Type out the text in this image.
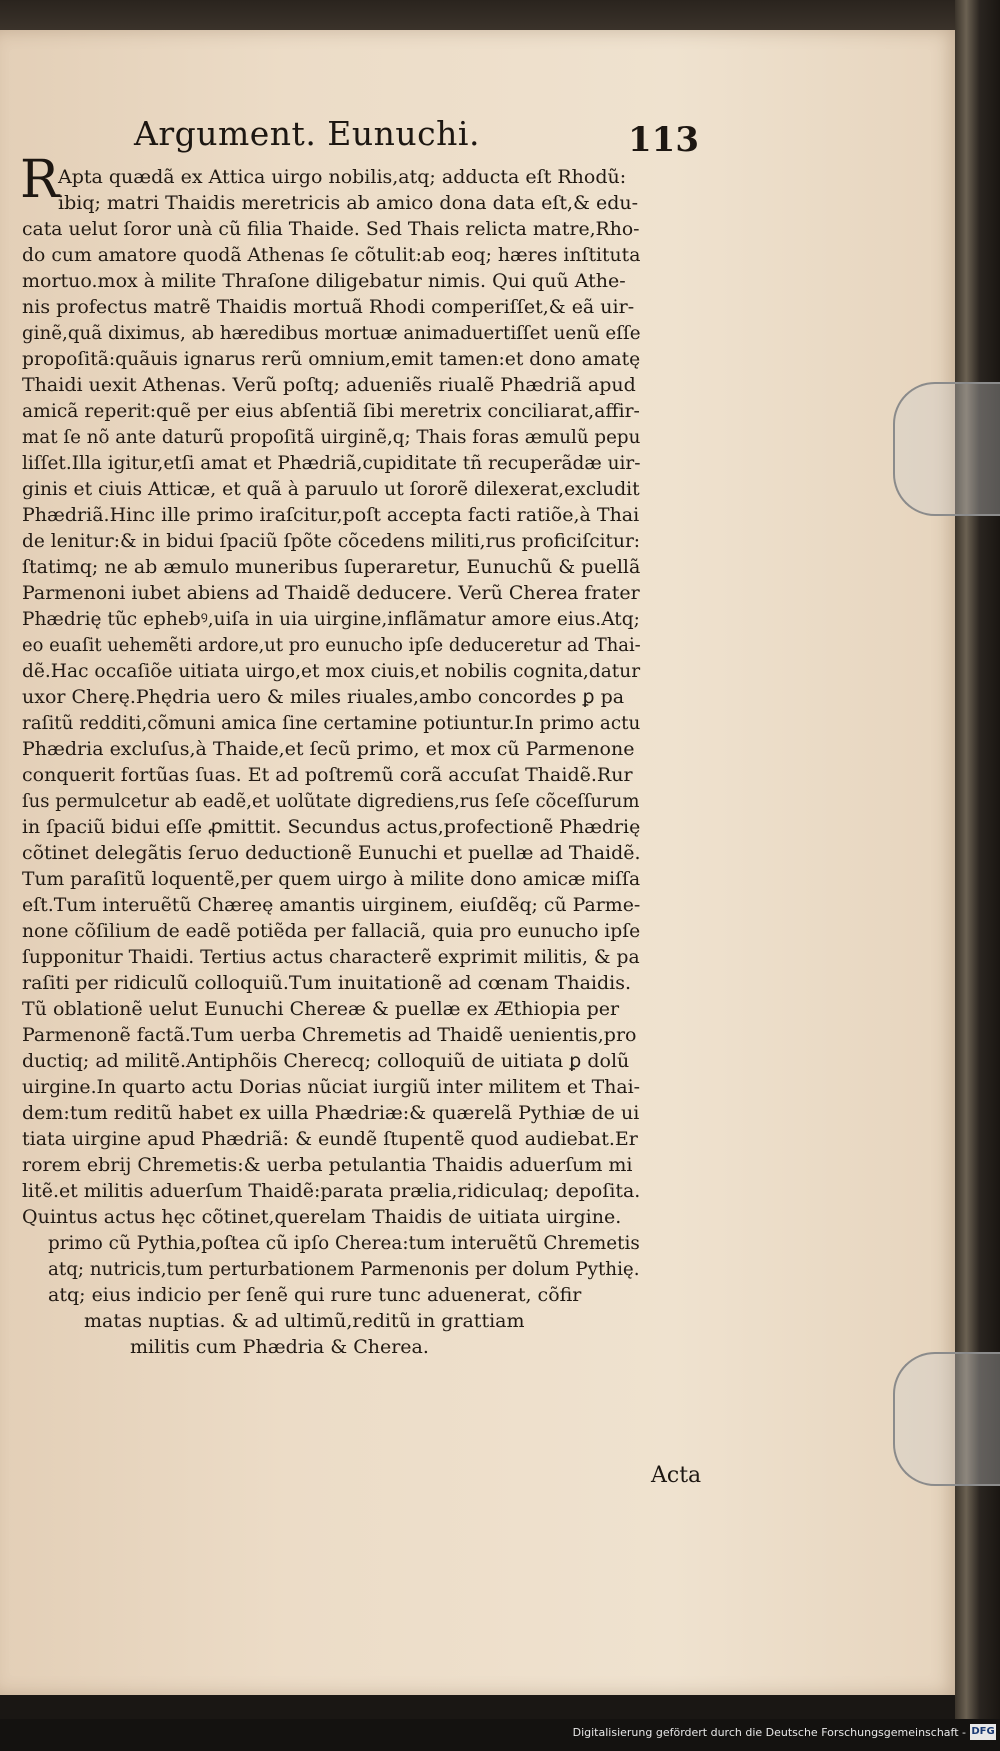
Argument. Eunuchi.	113
R
Apta quædã ex Attica uirgo nobilis,atq; adducta eſt Rhodũ:
ibiq; matri Thaidis meretricis ab amico dona data eſt,& edu-
cata uelut ſoror unà cũ filia Thaide. Sed Thais relicta matre,Rho-
do cum amatore quodã Athenas ſe cõtulit:ab eoq; hæres inſtituta
mortuo.mox à milite Thraſone diligebatur nimis. Qui quũ Athe-
nis profectus matrẽ Thaidis mortuã Rhodi comperiſſet,& eã uir-
ginẽ,quã diximus, ab hæredibus mortuæ animaduertiſſet uenũ eſſe
propoſitã:quãuis ignarus rerũ omnium,emit tamen:et dono amatę
Thaidi uexit Athenas. Verũ poſtq; adueniẽs riualẽ Phædriã apud
amicã reperit:quẽ per eius abſentiã ſibi meretrix conciliarat,affir-
mat ſe nõ ante daturũ propoſitã uirginẽ,q; Thais foras æmulũ pepu
liſſet.Illa igitur,etſi amat et Phædriã,cupiditate tñ recuperãdæ uir-
ginis et ciuis Atticæ, et quã à paruulo ut ſororẽ dilexerat,excludit
Phædriã.Hinc ille primo iraſcitur,poſt accepta facti ratiõe,à Thai
de lenitur:& in bidui ſpaciũ ſpõte cõcedens militi,rus proficiſcitur:
ſtatimq; ne ab æmulo muneribus ſuperaretur, Eunuchũ & puellã
Parmenoni iubet abiens ad Thaidẽ deducere. Verũ Cherea frater
Phædrię tũc ephebꝰ,uiſa in uia uirgine,inflãmatur amore eius.Atq;
eo euaſit uehemẽti ardore,ut pro eunucho ipſe deduceretur ad Thai-
dẽ.Hac occaſiõe uitiata uirgo,et mox ciuis,et nobilis cognita,datur
uxor Cherę.Phędria uero & miles riuales,ambo concordes ꝑ pa
raſitũ redditi,cõmuni amica ſine certamine potiuntur.In primo actu
Phædria excluſus,à Thaide,et ſecũ primo, et mox cũ Parmenone
conquerit fortũas ſuas. Et ad poſtremũ corã accuſat Thaidẽ.Rur
ſus permulcetur ab eadẽ,et uolũtate digrediens,rus ſeſe cõceſſurum
in ſpaciũ bidui eſſe ꝓmittit. Secundus actus,profectionẽ Phædrię
cõtinet delegãtis ſeruo deductionẽ Eunuchi et puellæ ad Thaidẽ.
Tum paraſitũ loquentẽ,per quem uirgo à milite dono amicæ miſſa
eſt.Tum interuẽtũ Chæreę amantis uirginem, eiuſdẽq; cũ Parme-
none cõſilium de eadẽ potiẽda per fallaciã, quia pro eunucho ipſe
ſupponitur Thaidi. Tertius actus characterẽ exprimit militis, & pa
raſiti per ridiculũ colloquiũ.Tum inuitationẽ ad cœnam Thaidis.
Tũ oblationẽ uelut Eunuchi Chereæ & puellæ ex Æthiopia per
Parmenonẽ factã.Tum uerba Chremetis ad Thaidẽ uenientis,pro
ductiq; ad militẽ.Antiphõis Cherecq; colloquiũ de uitiata ꝑ dolũ
uirgine.In quarto actu Dorias nũciat iurgiũ inter militem et Thai-
dem:tum reditũ habet ex uilla Phædriæ:& quærelã Pythiæ de ui
tiata uirgine apud Phædriã: & eundẽ ſtupentẽ quod audiebat.Er
rorem ebrij Chremetis:& uerba petulantia Thaidis aduerſum mi
litẽ.et militis aduerſum Thaidẽ:parata prælia,ridiculaq; depoſita.
Quintus actus hęc cõtinet,querelam Thaidis de uitiata uirgine.
primo cũ Pythia,poſtea cũ ipſo Cherea:tum interuẽtũ Chremetis
atq; nutricis,tum perturbationem Parmenonis per dolum Pythię.
atq; eius indicio per ſenẽ qui rure tunc aduenerat, cõfir
matas nuptias. & ad ultimũ,reditũ in grattiam
militis cum Phædria & Cherea.
Acta
Digitalisierung gefördert durch die Deutsche Forschungsgemeinschaft - DFG
